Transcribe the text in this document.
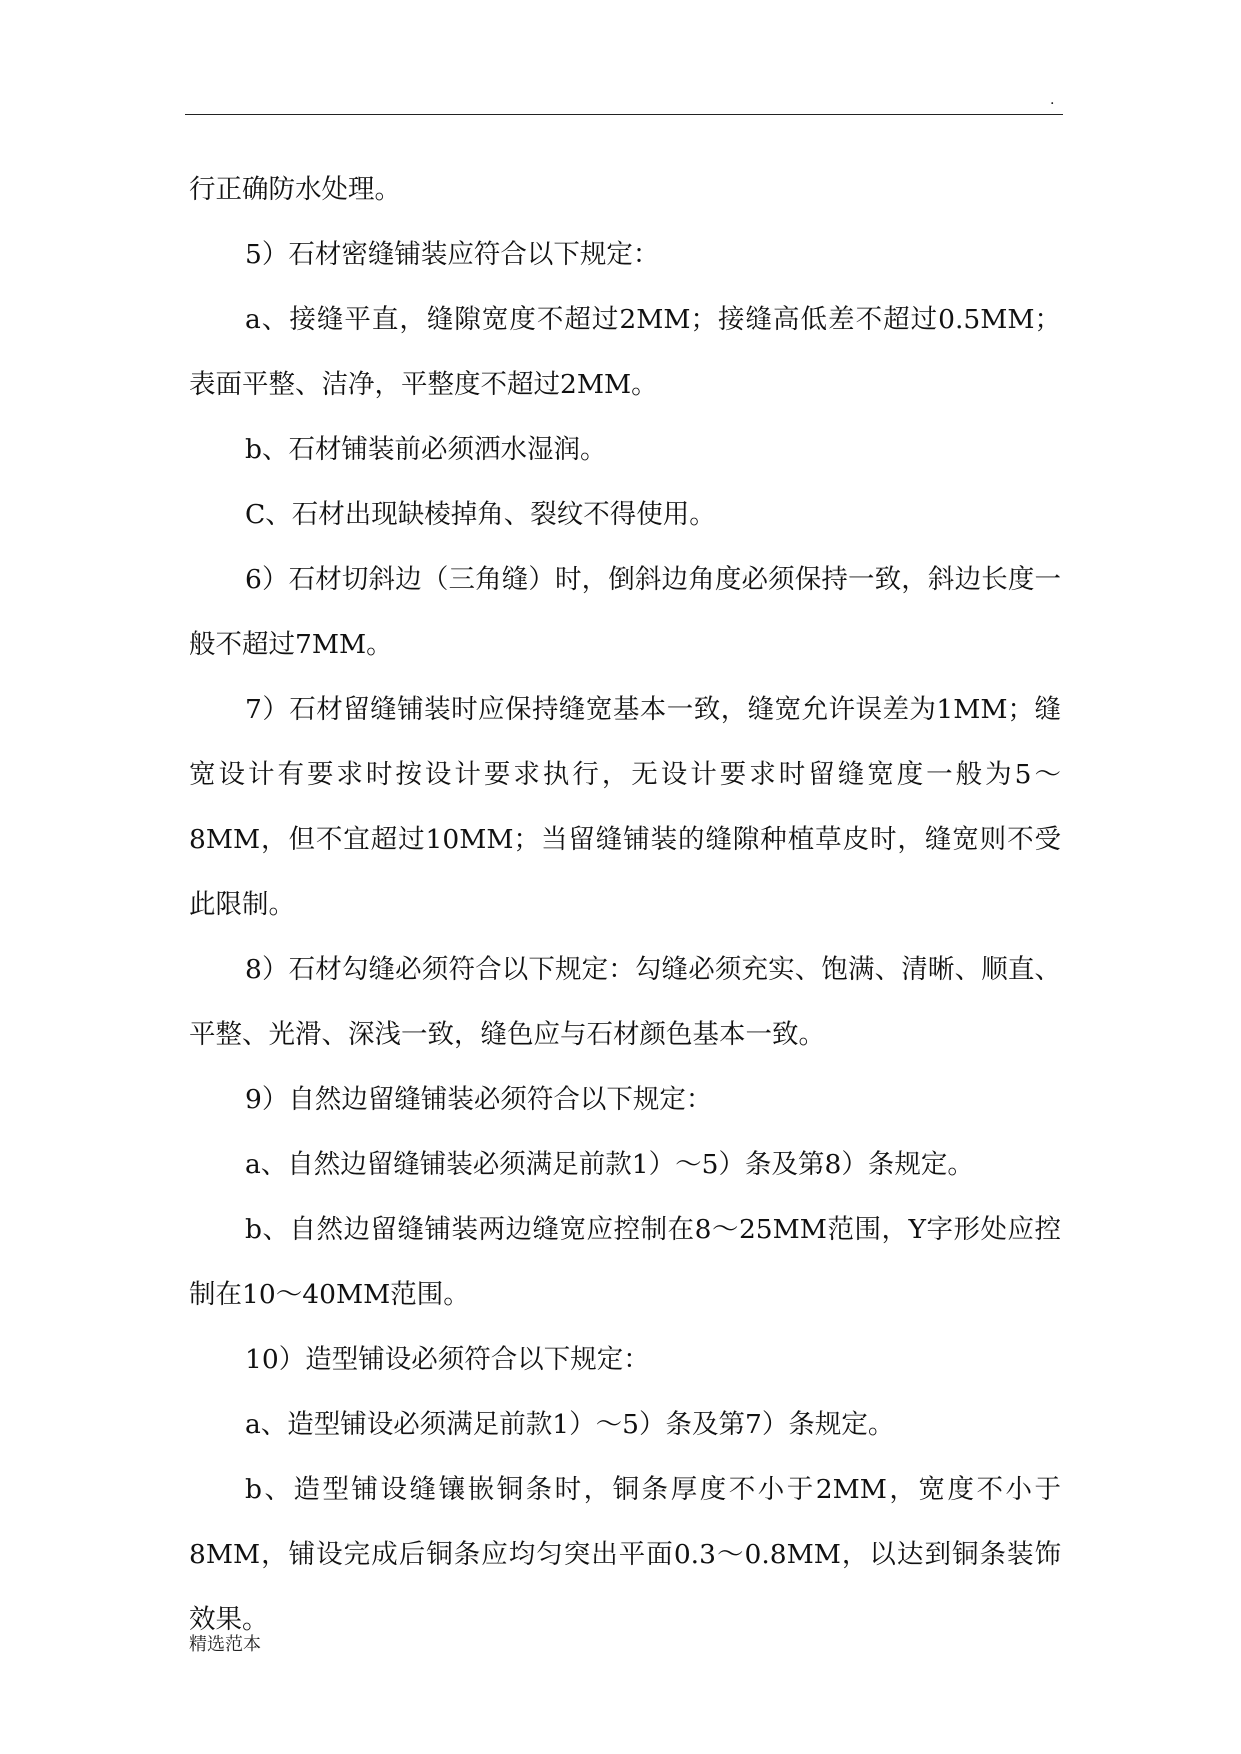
.

行正确防水处理。

5）石材密缝铺装应符合以下规定：

a、接缝平直，缝隙宽度不超过2MM；接缝高低差不超过0.5MM；表面平整、洁净，平整度不超过2MM。

b、石材铺装前必须洒水湿润。

C、石材出现缺棱掉角、裂纹不得使用。

6）石材切斜边（三角缝）时，倒斜边角度必须保持一致，斜边长度一般不超过7MM。

7）石材留缝铺装时应保持缝宽基本一致，缝宽允许误差为1MM；缝宽设计有要求时按设计要求执行，无设计要求时留缝宽度一般为5～8MM，但不宜超过10MM；当留缝铺装的缝隙种植草皮时，缝宽则不受此限制。

8）石材勾缝必须符合以下规定：勾缝必须充实、饱满、清晰、顺直、平整、光滑、深浅一致，缝色应与石材颜色基本一致。

9）自然边留缝铺装必须符合以下规定：

a、自然边留缝铺装必须满足前款1）～5）条及第8）条规定。

b、自然边留缝铺装两边缝宽应控制在8～25MM范围，Y字形处应控制在10～40MM范围。

10）造型铺设必须符合以下规定：

a、造型铺设必须满足前款1）～5）条及第7）条规定。

b、造型铺设缝镶嵌铜条时，铜条厚度不小于2MM，宽度不小于8MM，铺设完成后铜条应均匀突出平面0.3～0.8MM，以达到铜条装饰效果。

精选范本
